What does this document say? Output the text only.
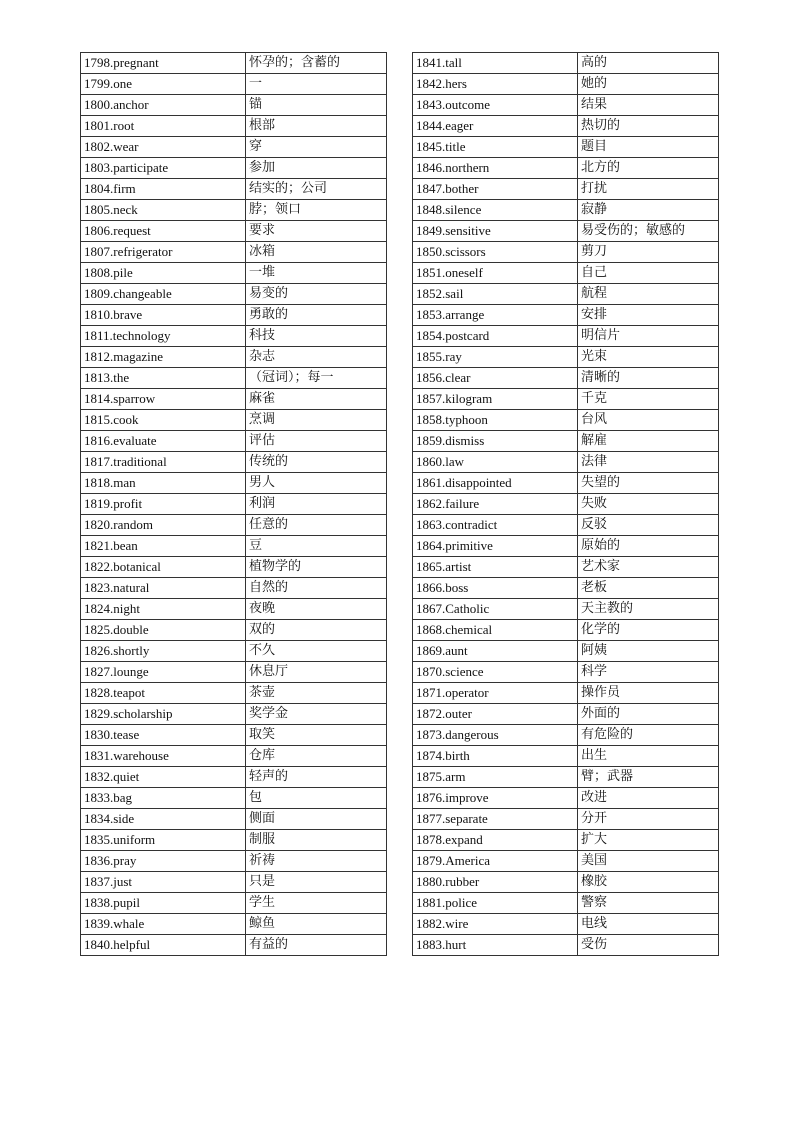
1798.pregnant	怀孕的；含蓄的
1799.one	一
1800.anchor	锚
1801.root	根部
1802.wear	穿
1803.participate	参加
1804.firm	结实的；公司
1805.neck	脖；领口
1806.request	要求
1807.refrigerator	冰箱
1808.pile	一堆
1809.changeable	易变的
1810.brave	勇敢的
1811.technology	科技
1812.magazine	杂志
1813.the	（冠词）；每一
1814.sparrow	麻雀
1815.cook	烹调
1816.evaluate	评估
1817.traditional	传统的
1818.man	男人
1819.profit	利润
1820.random	任意的
1821.bean	豆
1822.botanical	植物学的
1823.natural	自然的
1824.night	夜晚
1825.double	双的
1826.shortly	不久
1827.lounge	休息厅
1828.teapot	茶壶
1829.scholarship	奖学金
1830.tease	取笑
1831.warehouse	仓库
1832.quiet	轻声的
1833.bag	包
1834.side	侧面
1835.uniform	制服
1836.pray	祈祷
1837.just	只是
1838.pupil	学生
1839.whale	鲸鱼
1840.helpful	有益的
1841.tall	高的
1842.hers	她的
1843.outcome	结果
1844.eager	热切的
1845.title	题目
1846.northern	北方的
1847.bother	打扰
1848.silence	寂静
1849.sensitive	易受伤的；敏感的
1850.scissors	剪刀
1851.oneself	自己
1852.sail	航程
1853.arrange	安排
1854.postcard	明信片
1855.ray	光束
1856.clear	清晰的
1857.kilogram	千克
1858.typhoon	台风
1859.dismiss	解雇
1860.law	法律
1861.disappointed	失望的
1862.failure	失败
1863.contradict	反驳
1864.primitive	原始的
1865.artist	艺术家
1866.boss	老板
1867.Catholic	天主教的
1868.chemical	化学的
1869.aunt	阿姨
1870.science	科学
1871.operator	操作员
1872.outer	外面的
1873.dangerous	有危险的
1874.birth	出生
1875.arm	臂；武器
1876.improve	改进
1877.separate	分开
1878.expand	扩大
1879.America	美国
1880.rubber	橡胶
1881.police	警察
1882.wire	电线
1883.hurt	受伤
